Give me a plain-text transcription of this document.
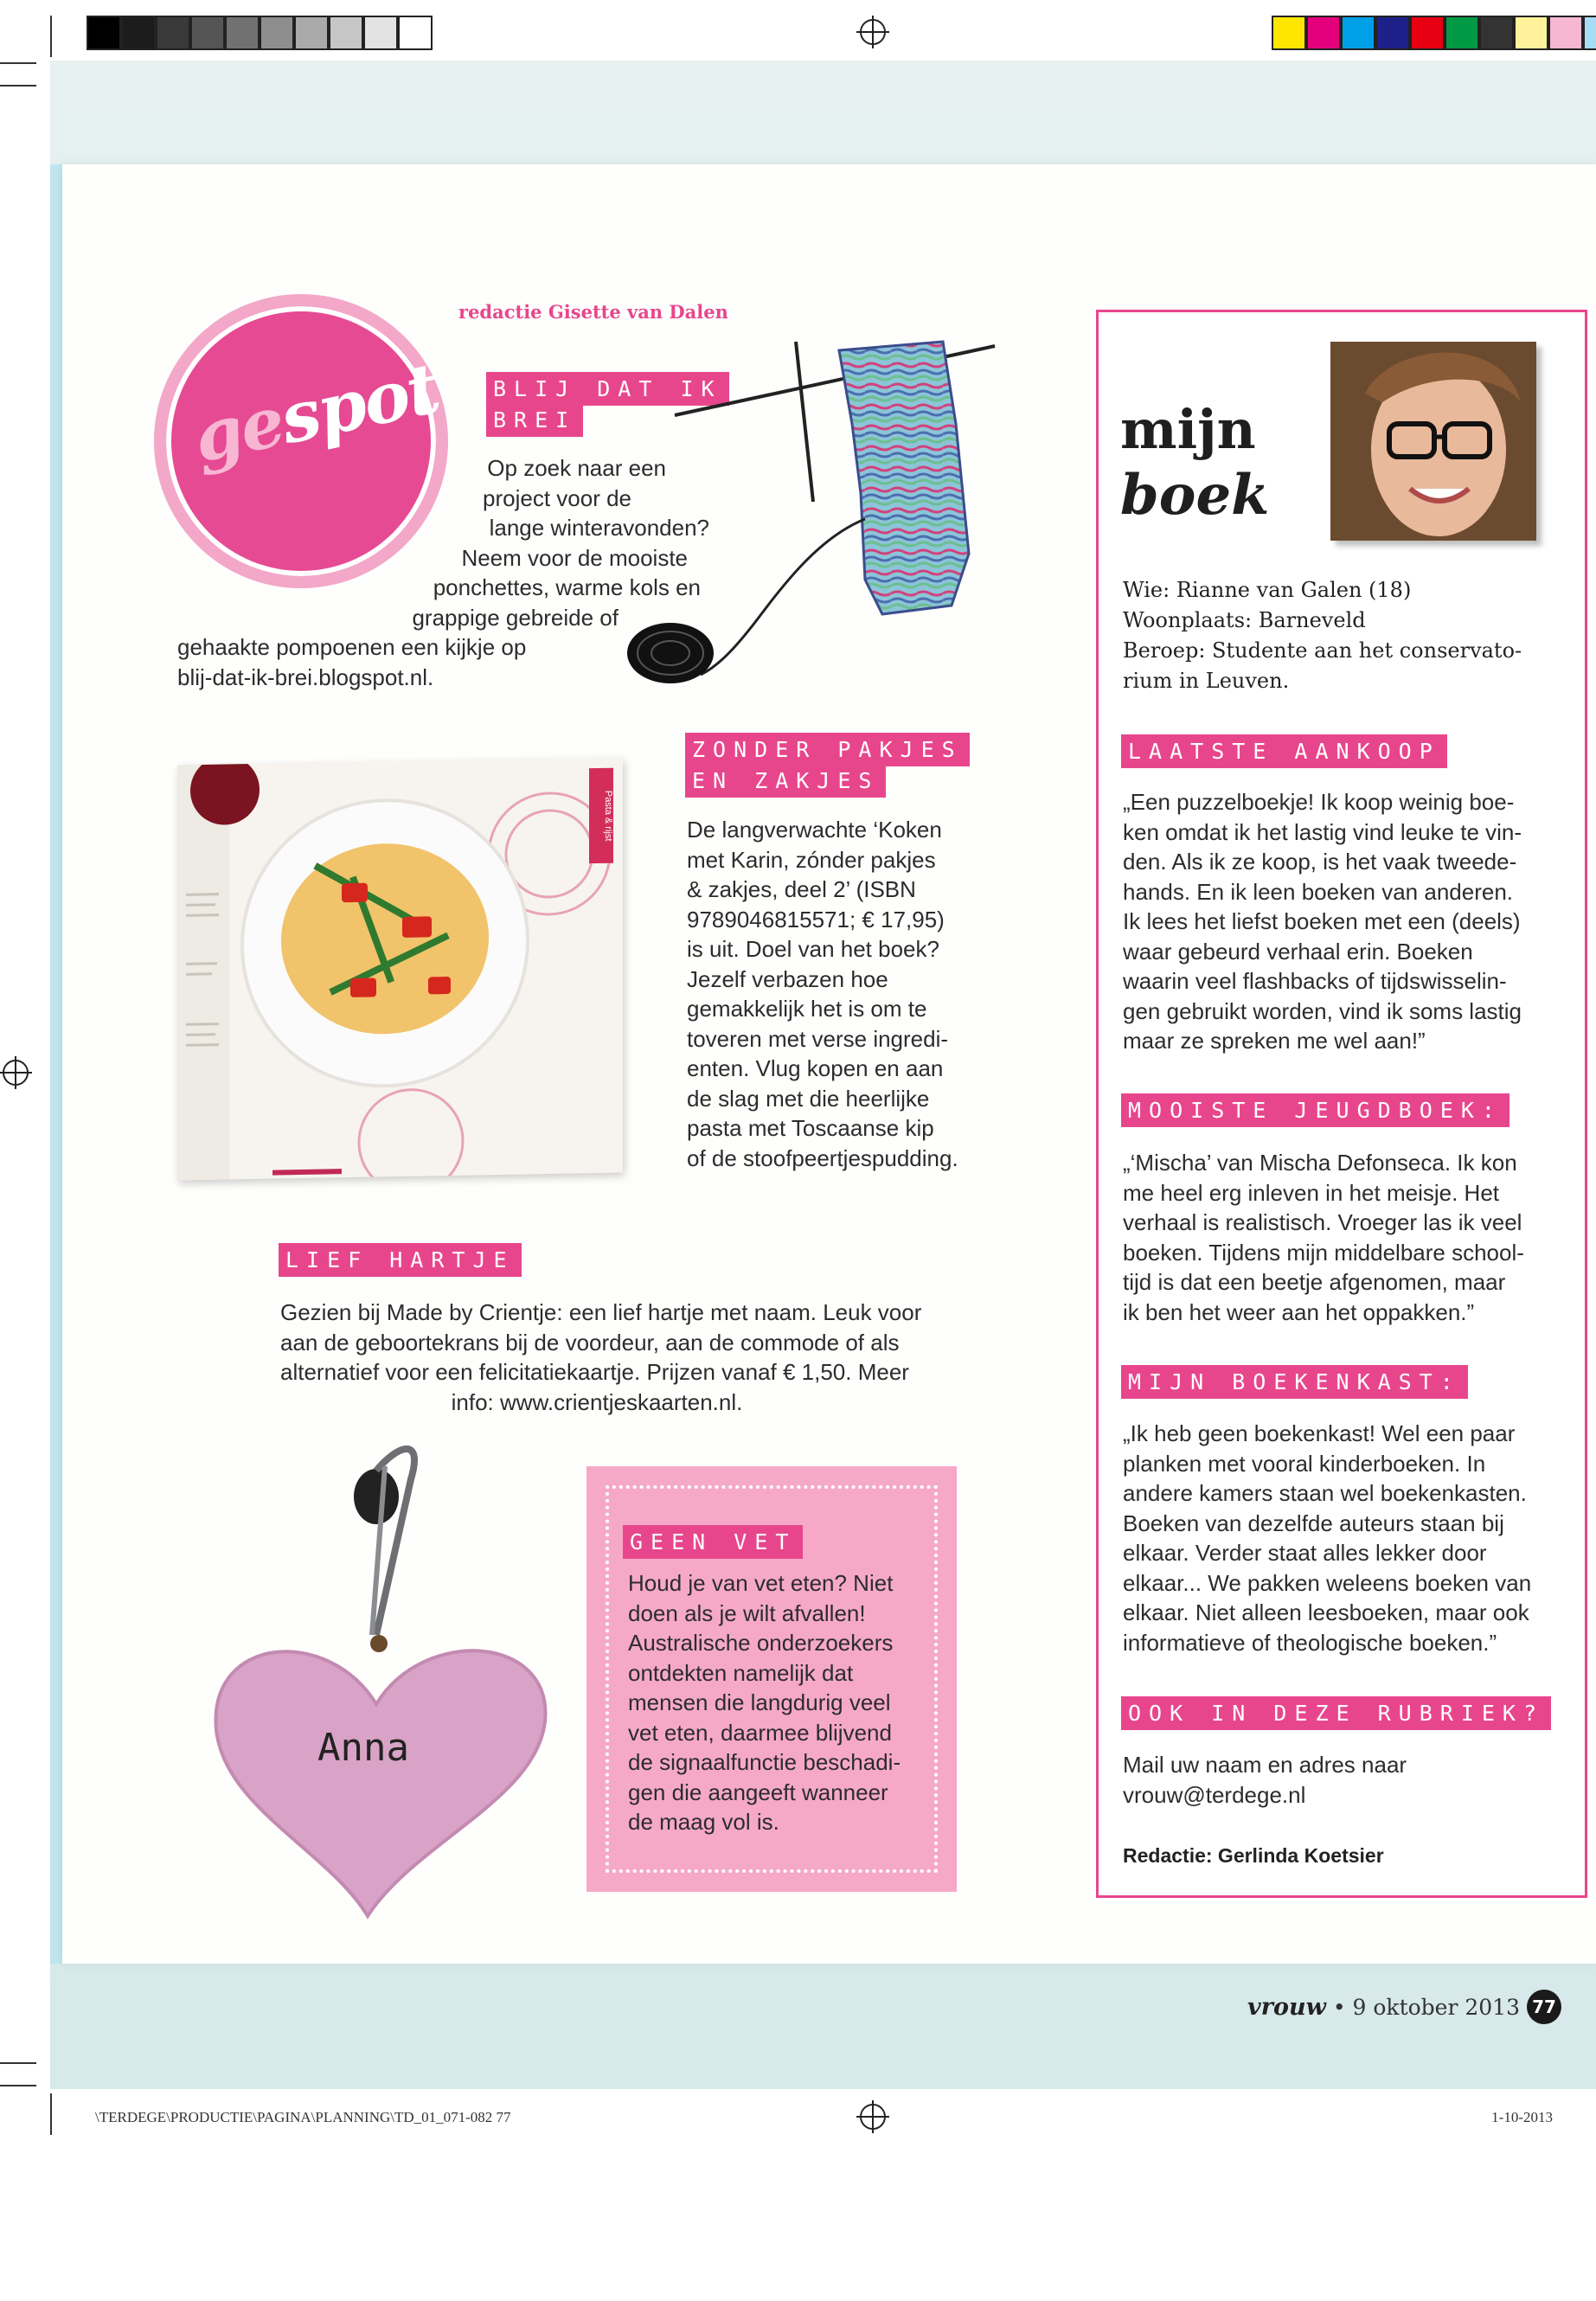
gespot
redactie Gisette van Dalen
BLIJ DAT IK
BREI
Op zoek naar een
project voor de
lange winteravonden?
Neem voor de mooiste
ponchettes, warme kols en
grappige gebreide of
gehaakte pompoenen een kijkje op
blij-dat-ik-brei.blogspot.nl.
Pasta & rijst
ZONDER PAKJES
EN ZAKJES
De langverwachte ‘Koken
met Karin, zónder pakjes
& zakjes, deel 2’ (ISBN
9789046815571; € 17,95)
is uit. Doel van het boek?
Jezelf verbazen hoe
gemakkelijk het is om te
toveren met verse ingredi-
enten. Vlug kopen en aan
de slag met die heerlijke
pasta met Toscaanse kip
of de stoofpeertjespudding.
LIEF HARTJE
Gezien bij Made by Crientje: een lief hartje met naam. Leuk voor
aan de geboortekrans bij de voordeur, aan de commode of als
alternatief voor een felicitatiekaartje. Prijzen vanaf € 1,50. Meer
info: www.crientjeskaarten.nl.
Anna
GEEN VET
Houd je van vet eten? Niet
doen als je wilt afvallen!
Australische onderzoekers
ontdekten namelijk dat
mensen die langdurig veel
vet eten, daarmee blijvend
de signaalfunctie beschadi-
gen die aangeeft wanneer
de maag vol is.
mijn
boek
Wie: Rianne van Galen (18)
Woonplaats: Barneveld
Beroep: Studente aan het conservato-
rium in Leuven.
LAATSTE AANKOOP
„Een puzzelboekje! Ik koop weinig boe-
ken omdat ik het lastig vind leuke te vin-
den. Als ik ze koop, is het vaak tweede-
hands. En ik leen boeken van anderen.
Ik lees het liefst boeken met een (deels)
waar gebeurd verhaal erin. Boeken
waarin veel flashbacks of tijdswisselin-
gen gebruikt worden, vind ik soms lastig
maar ze spreken me wel aan!”
MOOISTE JEUGDBOEK:
„‘Mischa’ van Mischa Defonseca. Ik kon
me heel erg inleven in het meisje. Het
verhaal is realistisch. Vroeger las ik veel
boeken. Tijdens mijn middelbare school-
tijd is dat een beetje afgenomen, maar
ik ben het weer aan het oppakken.”
MIJN BOEKENKAST:
„Ik heb geen boekenkast! Wel een paar
planken met vooral kinderboeken. In
andere kamers staan wel boekenkasten.
Boeken van dezelfde auteurs staan bij
elkaar. Verder staat alles lekker door
elkaar... We pakken weleens boeken van
elkaar. Niet alleen leesboeken, maar ook
informatieve of theologische boeken.”
OOK IN DEZE RUBRIEK?
Mail uw naam en adres naar
vrouw@terdege.nl
Redactie: Gerlinda Koetsier
vrouw • 9 oktober 2013 77
\TERDEGE\PRODUCTIE\PAGINA\PLANNING\TD_01_071-082 77	1-10-2013
